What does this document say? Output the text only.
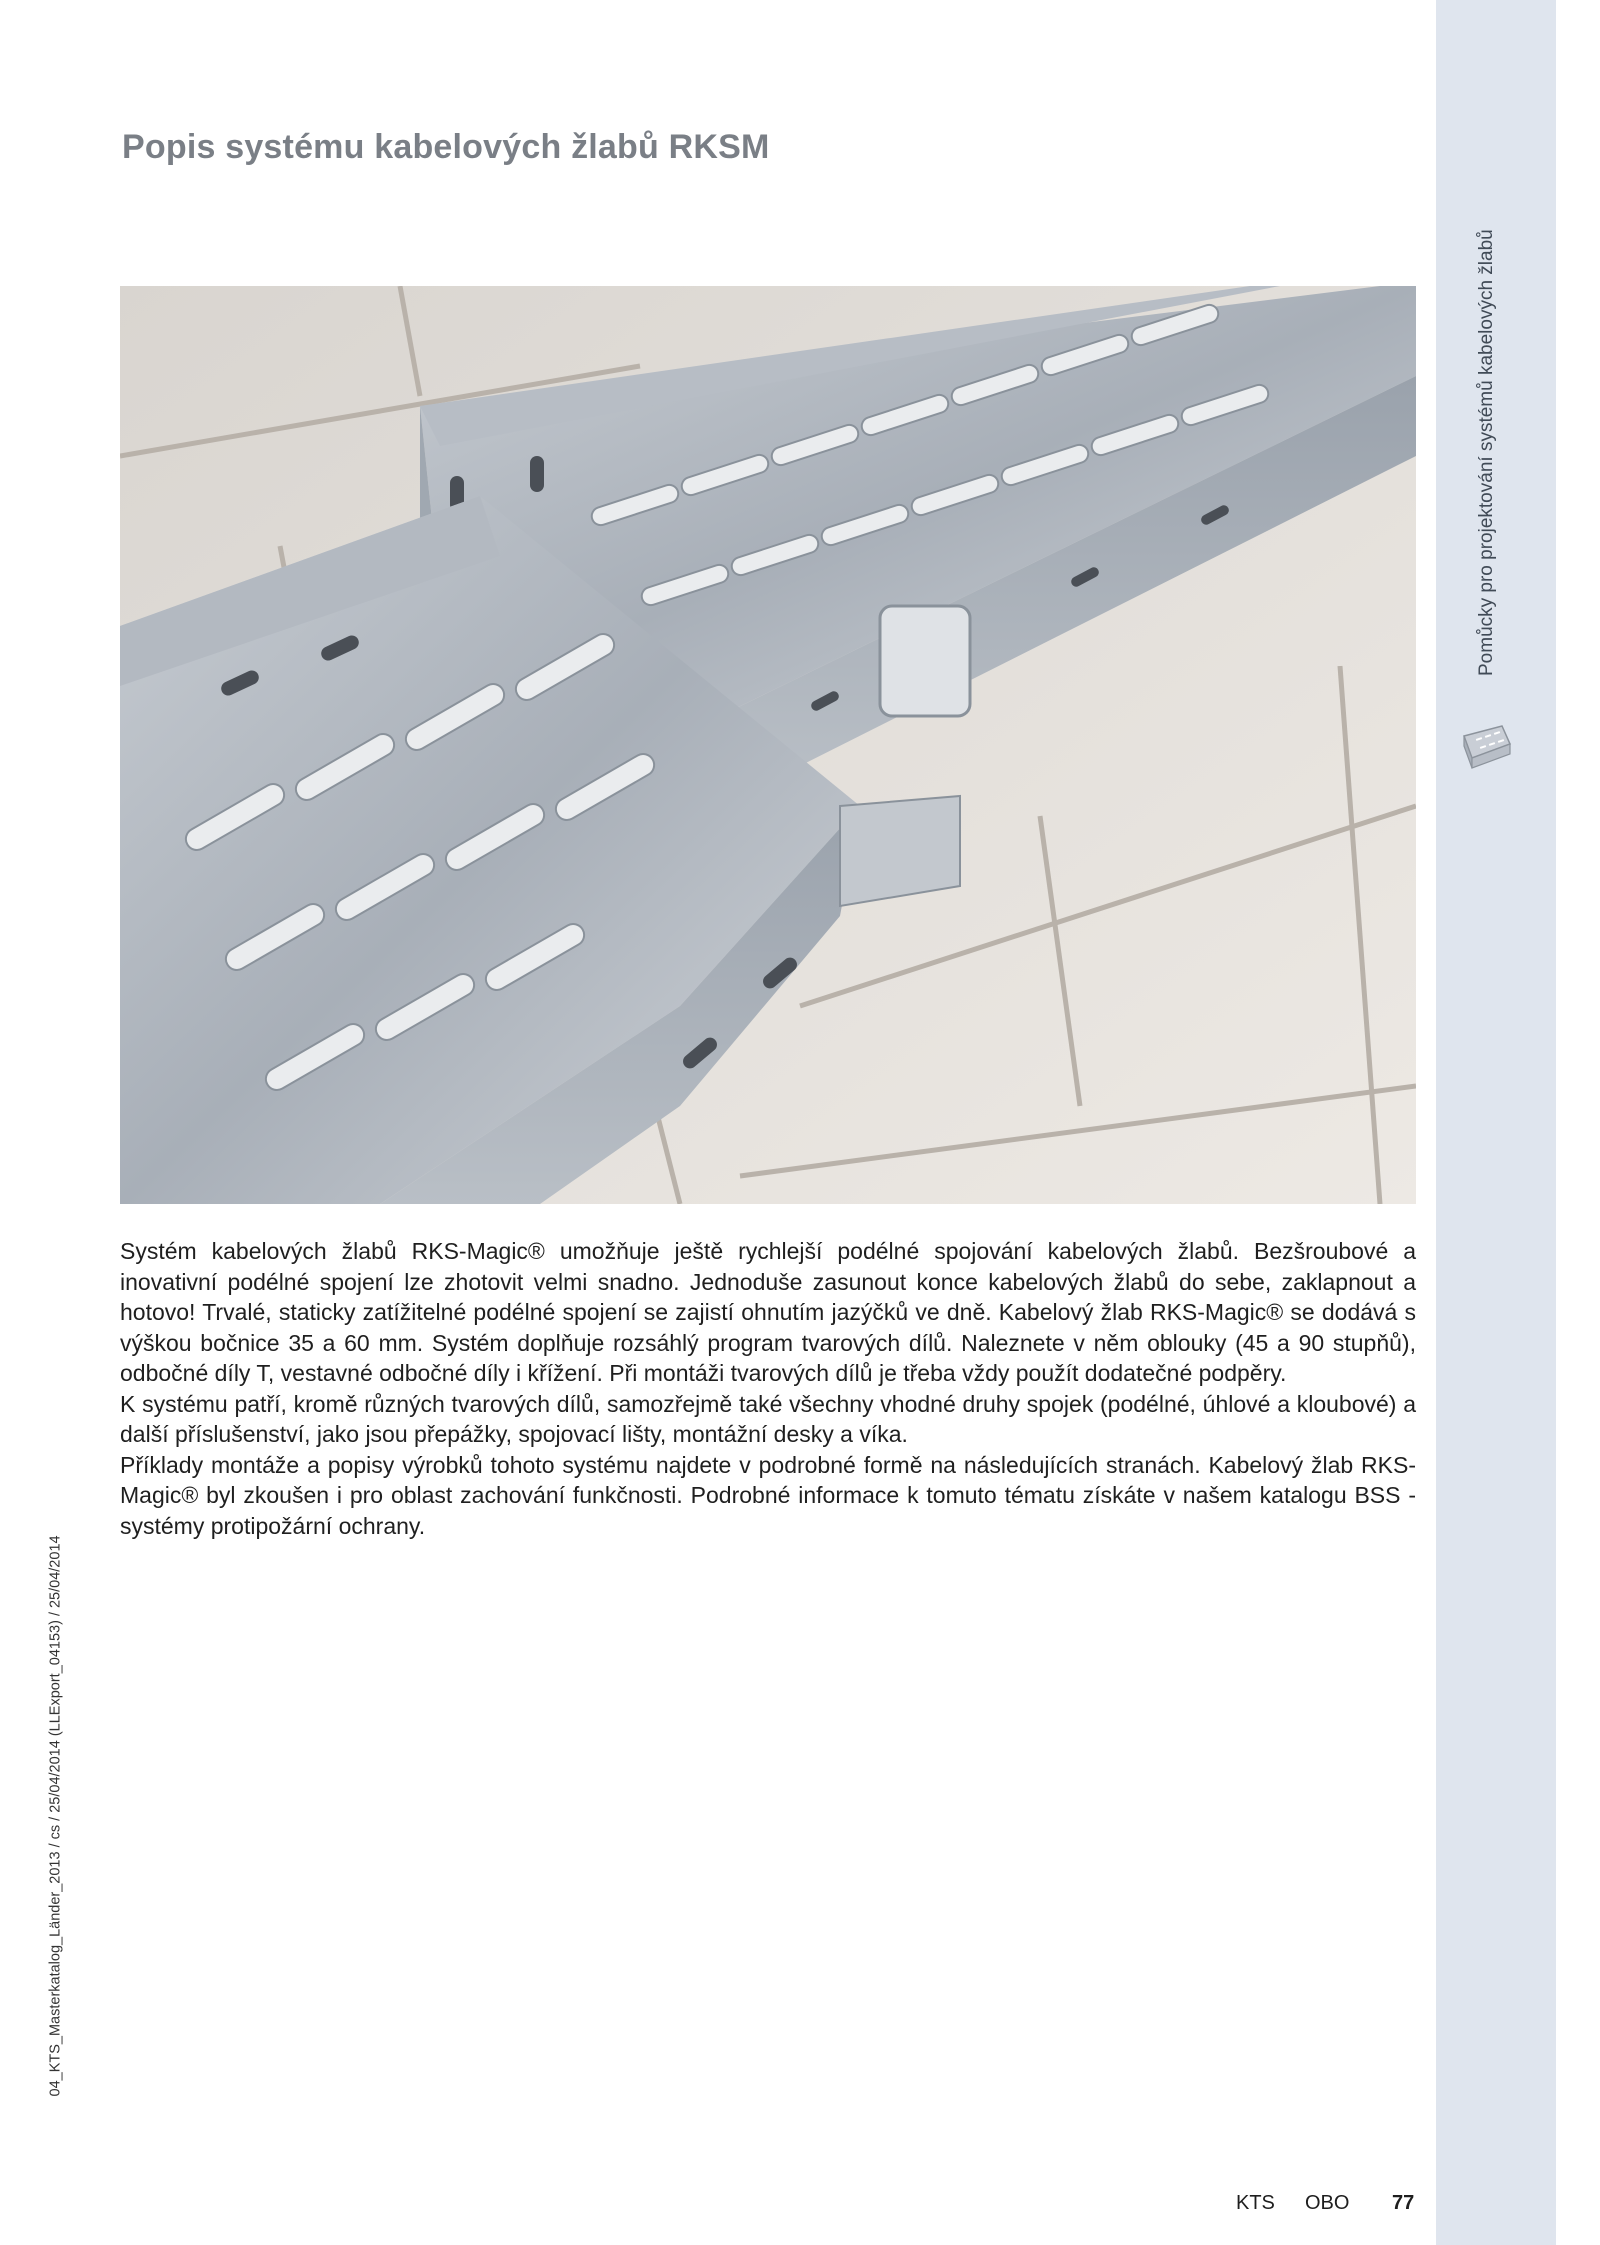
Pomůcky pro projektování systémů kabelových žlabů
Popis systému kabelových žlabů RKSM

Systém kabelových žlabů RKS-Magic® umožňuje ještě rychlejší podélné spojování kabelových žlabů. Bezšroubové a inovativní podélné spojení lze zhotovit velmi snadno. Jednoduše zasunout konce kabelových žlabů do sebe, zaklapnout a hotovo! Trvalé, staticky zatížitelné podélné spojení se zajistí ohnutím jazýčků ve dně. Kabelový žlab RKS-Magic® se dodává s výškou bočnice 35 a 60 mm. Systém doplňuje rozsáhlý program tvarových dílů. Naleznete v něm oblouky (45 a 90 stupňů), odbočné díly T, vestavné odbočné díly i křížení. Při montáži tvarových dílů je třeba vždy použít dodatečné podpěry.

K systému patří, kromě různých tvarových dílů, samozřejmě také všechny vhodné druhy spojek (podélné, úhlové a kloubové) a další příslušenství, jako jsou přepážky, spojovací lišty, montážní desky a víka.

Příklady montáže a popisy výrobků tohoto systému najdete v podrobné formě na následujících stranách. Kabelový žlab RKS-Magic® byl zkoušen i pro oblast zachování funkčnosti. Podrobné informace k tomuto tématu získáte v našem katalogu BSS - systémy protipožární ochrany.

04_KTS_Masterkatalog_Länder_2013 / cs / 25/04/2014 (LLExport_04153) / 25/04/2014
KTS OBO 77
